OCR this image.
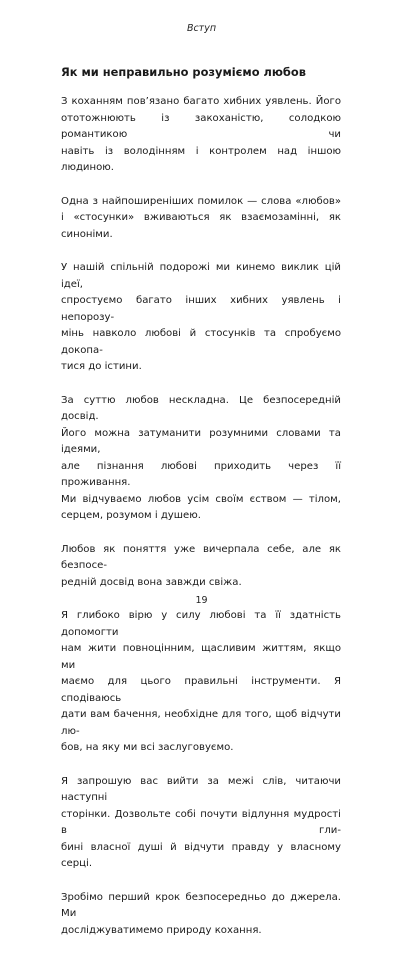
Вступ
Як ми неправильно розуміємо любов
З коханням пов’язано багато хибних уявлень. Його
ототожнюють із закоханістю, солодкою романтикою чи
навіть із володінням і контролем над іншою людиною.
Одна з найпоширеніших помилок — слова «любов»
і «стосунки» вживаються як взаємозамінні, як синоніми.
У нашій спільній подорожі ми кинемо виклик цій ідеї,
спростуємо багато інших хибних уявлень і непорозу-
мінь навколо любові й стосунків та спробуємо докопа-
тися до істини.
За суттю любов нескладна. Це безпосередній досвід.
Його можна затуманити розумними словами та ідеями,
але пізнання любові приходить через її проживання.
Ми відчуваємо любов усім своїм єством — тілом,
серцем, розумом і душею.
Любов як поняття уже вичерпала себе, але як безпосе-
редній досвід вона завжди свіжа.
Я глибоко вірю у силу любові та її здатність допомогти
нам жити повноцінним, щасливим життям, якщо ми
маємо для цього правильні інструменти. Я сподіваюсь
дати вам бачення, необхідне для того, щоб відчути лю-
бов, на яку ми всі заслуговуємо.
Я запрошую вас вийти за межі слів, читаючи наступні
сторінки. Дозвольте собі почути відлуння мудрості в гли-
бині власної душі й відчути правду у власному серці.
Зробімо перший крок безпосередньо до джерела. Ми
досліджуватимемо природу кохання.
19
